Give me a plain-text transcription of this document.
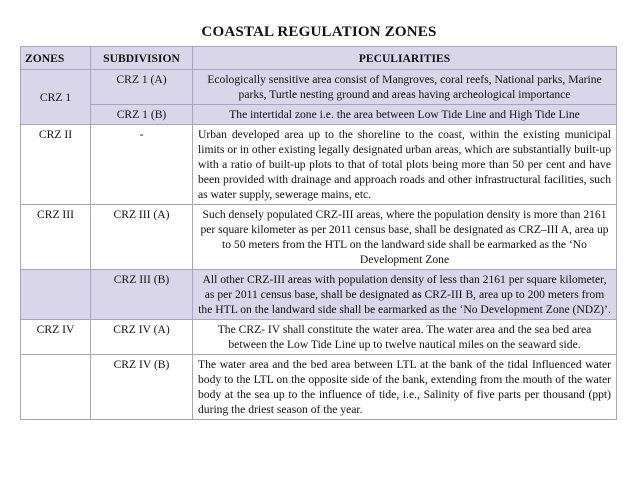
COASTAL REGULATION ZONES
ZONES	SUBDIVISION	PECULIARITIES
CRZ 1	CRZ 1 (A)	Ecologically sensitive area consist of Mangroves, coral reefs, National parks, Marine parks, Turtle nesting ground and areas having archeological importance
	CRZ 1 (B)	The intertidal zone i.e. the area between Low Tide Line and High Tide Line
CRZ II	-	Urban developed area up to the shoreline to the coast, within the existing municipal limits or in other existing legally designated urban areas, which are substantially built-up with a ratio of built-up plots to that of total plots being more than 50 per cent and have been provided with drainage and approach roads and other infrastructural facilities, such as water supply, sewerage mains, etc.
CRZ III	CRZ III (A)	Such densely populated CRZ-III areas, where the population density is more than 2161 per square kilometer as per 2011 census base, shall be designated as CRZ–III A, area up to 50 meters from the HTL on the landward side shall be earmarked as the ‘No Development Zone
	CRZ III (B)	All other CRZ-III areas with population density of less than 2161 per square kilometer, as per 2011 census base, shall be designated as CRZ-III B, area up to 200 meters from the HTL on the landward side shall be earmarked as the ‘No Development Zone (NDZ)’.
CRZ IV	CRZ IV (A)	The CRZ- IV shall constitute the water area. The water area and the sea bed area between the Low Tide Line up to twelve nautical miles on the seaward side.
	CRZ IV (B)	The water area and the bed area between LTL at the bank of the tidal Influenced water body to the LTL on the opposite side of the bank, extending from the mouth of the water body at the sea up to the influence of tide, i.e., Salinity of five parts per thousand (ppt) during the driest season of the year.
